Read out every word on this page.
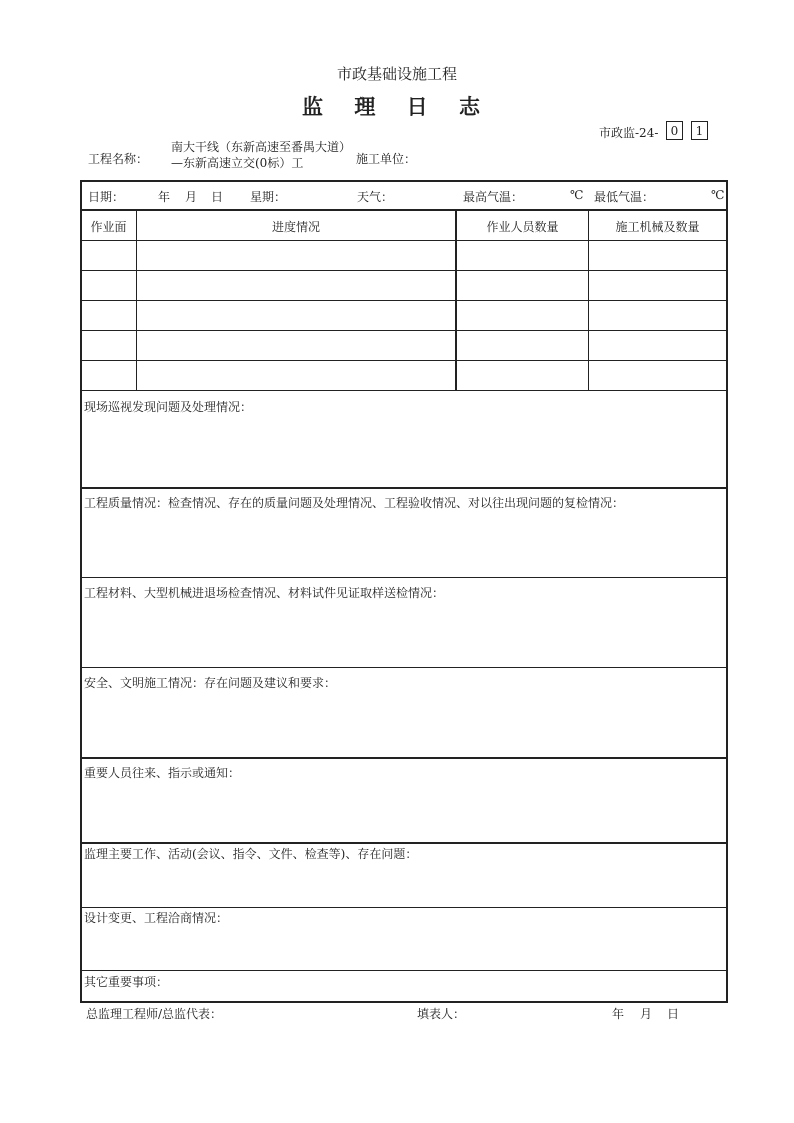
市政基础设施工程
监 理 日 志
市政监-24-	0	1
工程名称：
南大干线（东新高速至番禺大道）—东新高速立交(0标）工	施工单位：
日期：	年 月 日 星期：	天气：	最高气温：	℃ 最低气温：	℃
作业面	进度情况	作业人员数量	施工机械及数量
现场巡视发现问题及处理情况：
工程质量情况：检查情况、存在的质量问题及处理情况、工程验收情况、对以往出现问题的复检情况：
工程材料、大型机械进退场检查情况、材料试件见证取样送检情况：
安全、文明施工情况：存在问题及建议和要求：
重要人员往来、指示或通知：
监理主要工作、活动(会议、指令、文件、检查等)、存在问题：
设计变更、工程洽商情况：
其它重要事项：
总监理工程师/总监代表：	填表人：	年 月 日
